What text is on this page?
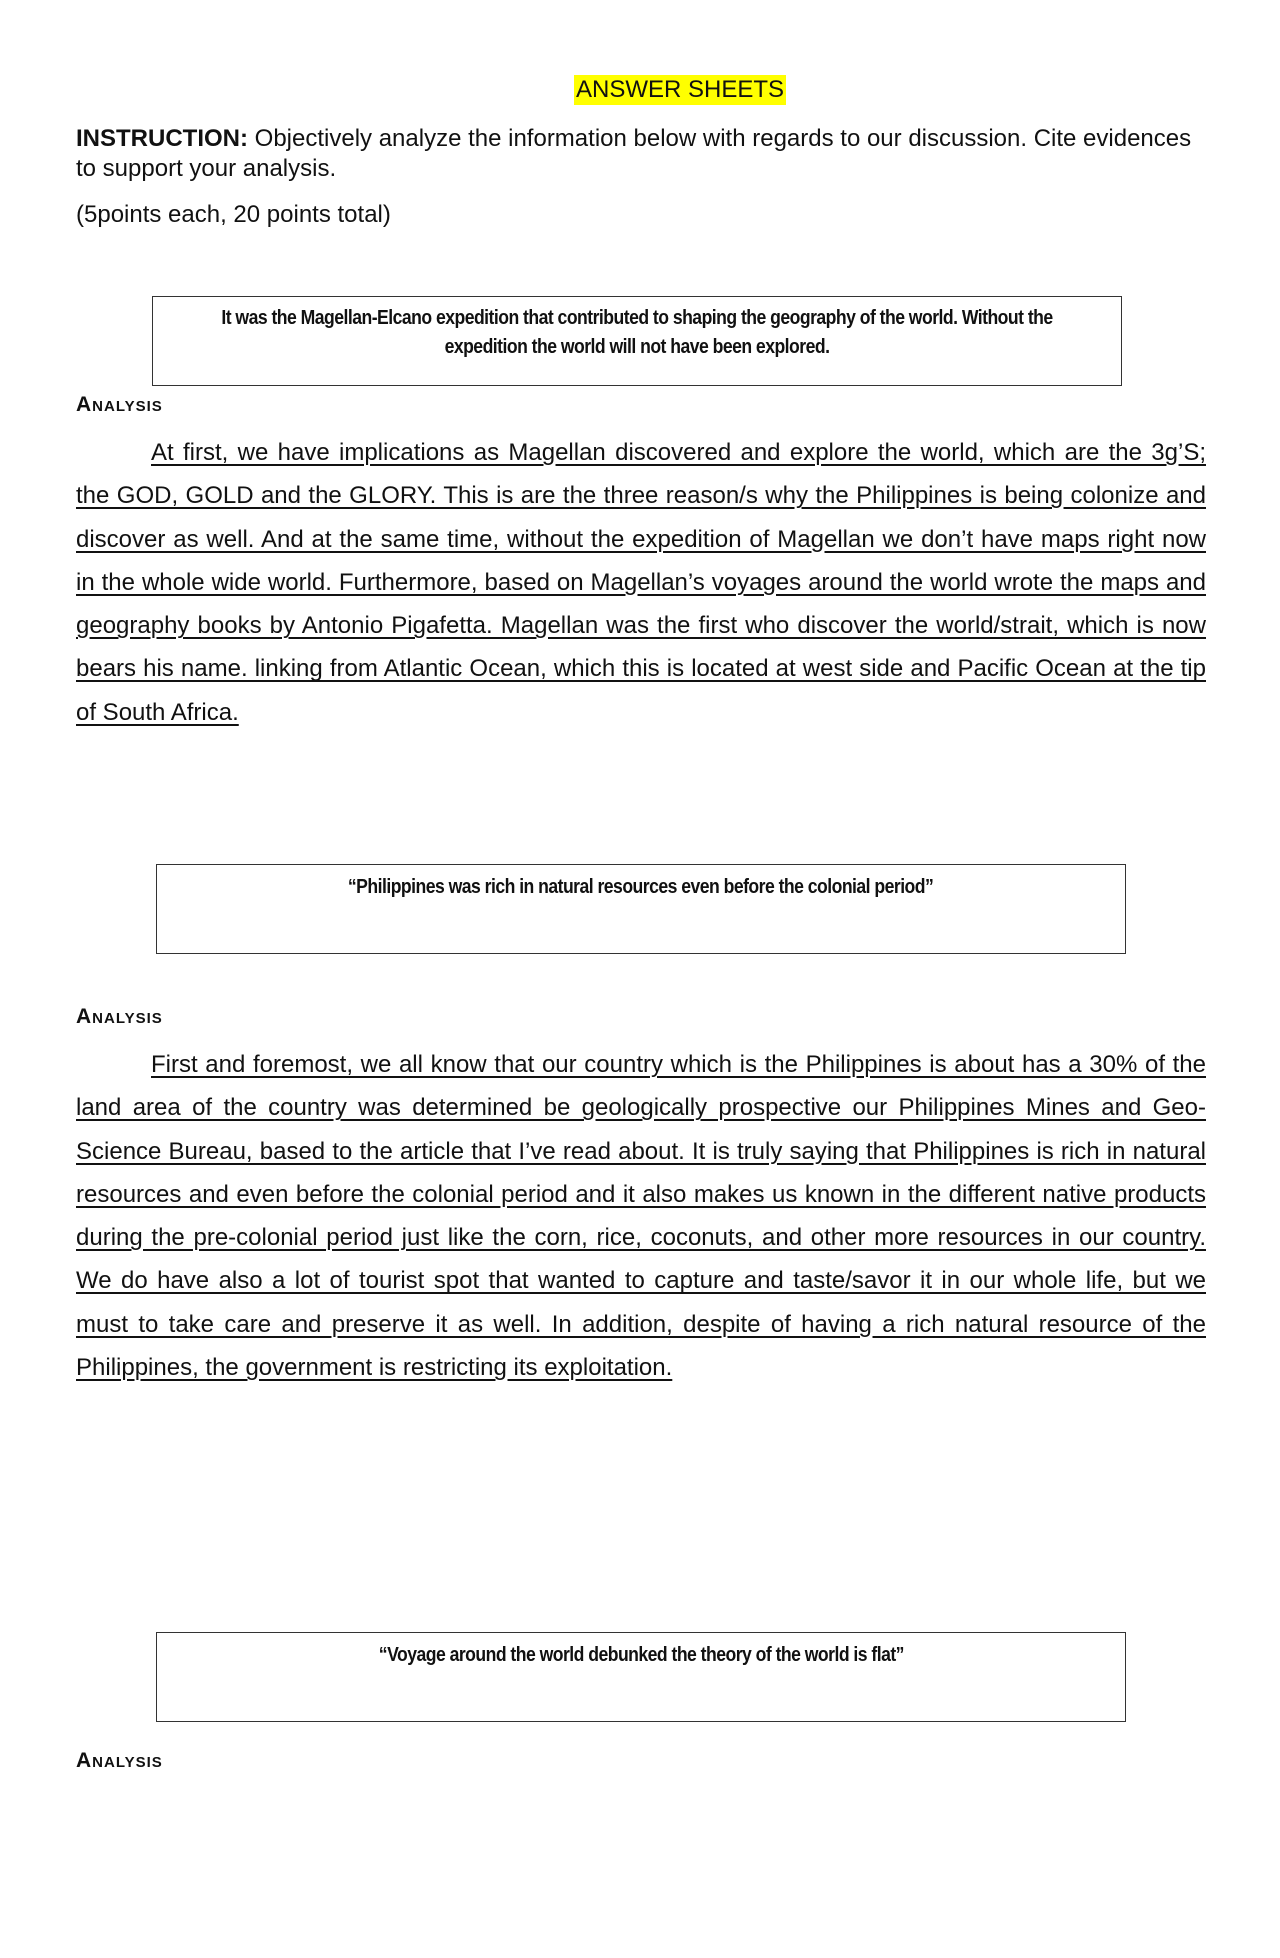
ANSWER SHEETS
INSTRUCTION: Objectively analyze the information below with regards to our discussion. Cite evidences to support your analysis.
(5points each, 20 points total)
It was the Magellan-Elcano expedition that contributed to shaping the geography of the world. Without the expedition the world will not have been explored.
Analysis
At first, we have implications as Magellan discovered and explore the world, which are the 3g’S; the GOD, GOLD and the GLORY. This is are the three reason/s why the Philippines is being colonize and discover as well. And at the same time, without the expedition of Magellan we don’t have maps right now in the whole wide world. Furthermore, based on Magellan’s voyages around the world wrote the maps and geography books by Antonio Pigafetta. Magellan was the first who discover the world/strait, which is now bears his name. linking from Atlantic Ocean, which this is located at west side and Pacific Ocean at the tip of South Africa.
“Philippines was rich in natural resources even before the colonial period”
Analysis
First and foremost, we all know that our country which is the Philippines is about has a 30% of the land area of the country was determined be geologically prospective our Philippines Mines and Geo-Science Bureau, based to the article that I’ve read about. It is truly saying that Philippines is rich in natural resources and even before the colonial period and it also makes us known in the different native products during the pre-colonial period just like the corn, rice, coconuts, and other more resources in our country. We do have also a lot of tourist spot that wanted to capture and taste/savor it in our whole life, but we must to take care and preserve it as well. In addition, despite of having a rich natural resource of the Philippines, the government is restricting its exploitation.
“Voyage around the world debunked the theory of the world is flat”
Analysis
